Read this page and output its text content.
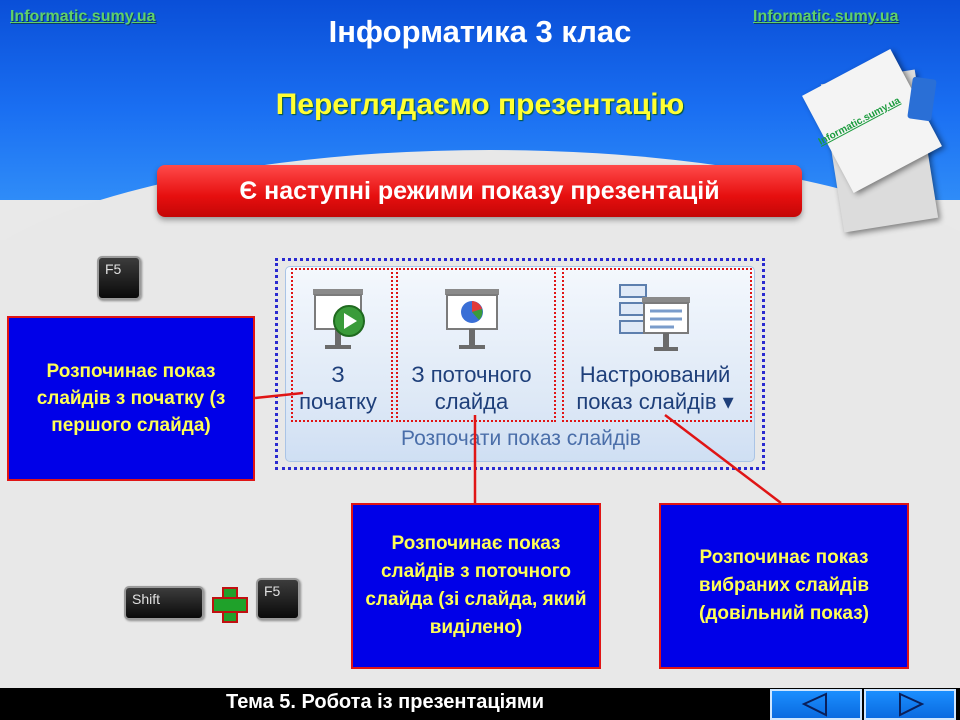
Informatic.sumy.ua	Informatic.sumy.ua
Інформатика 3 клас
Переглядаємо презентацію	Informatic.sumy.ua
Є наступні режими показу презентацій
F5
З
початку
З поточного
слайда
Настроюваний
показ слайдів ▾
Розпочати показ слайдів
Розпочинає показ слайдів з початку (з першого слайда)
Розпочинає показ слайдів з поточного слайда (зі слайда, який виділено)
Розпочинає показ вибраних слайдів (довільний показ)
Shift	F5
Тема 5. Робота із презентаціями
